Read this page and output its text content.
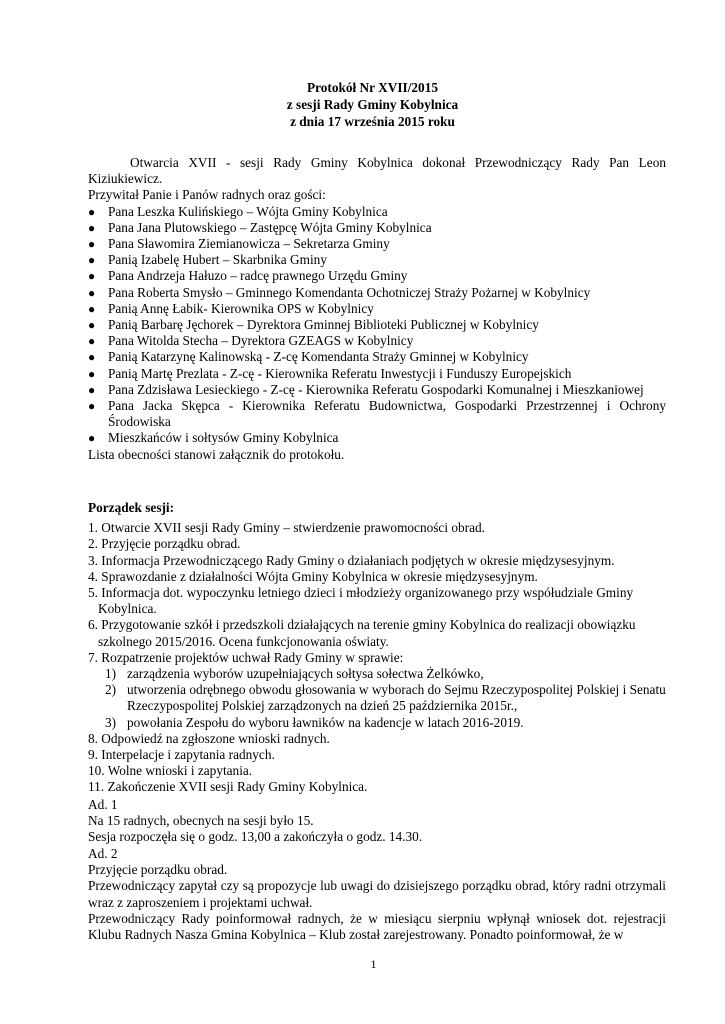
Protokół Nr XVII/2015
z sesji Rady Gminy Kobylnica
z dnia 17 września 2015 roku

Otwarcia XVII - sesji Rady Gminy Kobylnica dokonał Przewodniczący Rady Pan Leon Kiziukiewicz.

Przywitał Panie i Panów radnych oraz gości:

● Pana Leszka Kulińskiego – Wójta Gminy Kobylnica
● Pana Jana Plutowskiego – Zastępcę Wójta Gminy Kobylnica
● Pana Sławomira Ziemianowicza – Sekretarza Gminy
● Panią Izabelę Hubert – Skarbnika Gminy
● Pana Andrzeja Hałuzo – radcę prawnego Urzędu Gminy
● Pana Roberta Smysło – Gminnego Komendanta Ochotniczej Straży Pożarnej w Kobylnicy
● Panią Annę Łabik- Kierownika OPS w Kobylnicy
● Panią Barbarę Jęchorek – Dyrektora Gminnej Biblioteki Publicznej w Kobylnicy
● Pana Witolda Stecha – Dyrektora GZEAGS w Kobylnicy
● Panią Katarzynę Kalinowską - Z-cę Komendanta Straży Gminnej w Kobylnicy
● Panią Martę Prezlata - Z-cę - Kierownika Referatu Inwestycji i Funduszy Europejskich
● Pana Zdzisława Lesieckiego - Z-cę - Kierownika Referatu Gospodarki Komunalnej i Mieszkaniowej
● Pana Jacka Skępca - Kierownika Referatu Budownictwa, Gospodarki Przestrzennej i Ochrony Środowiska
● Mieszkańców i sołtysów Gminy Kobylnica

Lista obecności stanowi załącznik do protokołu.

Porządek sesji:

1. Otwarcie XVII sesji Rady Gminy – stwierdzenie prawomocności obrad.

2. Przyjęcie porządku obrad.

3. Informacja Przewodniczącego Rady Gminy o działaniach podjętych w okresie międzysesyjnym.

4. Sprawozdanie z działalności Wójta Gminy Kobylnica w okresie międzysesyjnym.

5. Informacja dot. wypoczynku letniego dzieci i młodzieży organizowanego przy współudziale Gminy Kobylnica.

6. Przygotowanie szkół i przedszkoli działających na terenie gminy Kobylnica do realizacji obowiązku szkolnego 2015/2016. Ocena funkcjonowania oświaty.

7. Rozpatrzenie projektów uchwał Rady Gminy w sprawie:

1) zarządzenia wyborów uzupełniających sołtysa sołectwa Żelkówko,
2) utworzenia odrębnego obwodu głosowania w wyborach do Sejmu Rzeczypospolitej Polskiej i Senatu Rzeczypospolitej Polskiej zarządzonych na dzień 25 października 2015r.,
3) powołania Zespołu do wyboru ławników na kadencje w latach 2016-2019.

8. Odpowiedź na zgłoszone wnioski radnych.

9. Interpelacje i zapytania radnych.

10. Wolne wnioski i zapytania.

11. Zakończenie XVII sesji Rady Gminy Kobylnica.

Ad. 1

Na 15 radnych, obecnych na sesji było 15.

Sesja rozpoczęła się o godz. 13,00 a zakończyła o godz. 14.30.

Ad. 2

Przyjęcie porządku obrad.

Przewodniczący zapytał czy są propozycje lub uwagi do dzisiejszego porządku obrad, który radni otrzymali wraz z zaproszeniem i projektami uchwał.

Przewodniczący Rady poinformował radnych, że w miesiącu sierpniu wpłynął wniosek dot. rejestracji Klubu Radnych Nasza Gmina Kobylnica – Klub został zarejestrowany. Ponadto poinformował, że w

1
